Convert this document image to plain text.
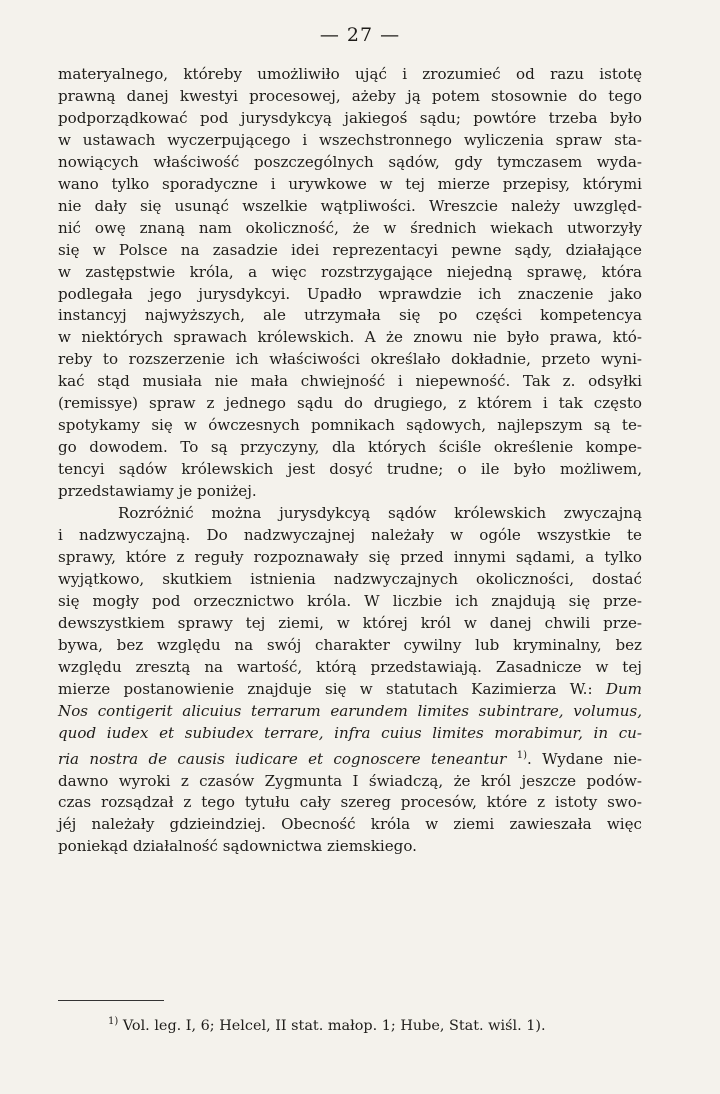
— 27 —
materyalnego, któreby umożliwiło ująć i zrozumieć od razu istotę
prawną danej kwestyi procesowej, ażeby ją potem stosownie do tego
podporządkować pod jurysdykcyą jakiegoś sądu; powtóre trzeba było
w ustawach wyczerpującego i wszechstronnego wyliczenia spraw sta-
nowiących właściwość poszczególnych sądów, gdy tymczasem wyda-
wano tylko sporadyczne i urywkowe w tej mierze przepisy, którymi
nie dały się usunąć wszelkie wątpliwości. Wreszcie należy uwzględ-
nić owę znaną nam okoliczność, że w średnich wiekach utworzyły
się w Polsce na zasadzie idei reprezentacyi pewne sądy, działające
w zastępstwie króla, a więc rozstrzygające niejedną sprawę, która
podlegała jego jurysdykcyi. Upadło wprawdzie ich znaczenie jako
instancyj najwyższych, ale utrzymała się po części kompetencya
w niektórych sprawach królewskich. A że znowu nie było prawa, któ-
reby to rozszerzenie ich właściwości określało dokładnie, przeto wyni-
kać stąd musiała nie mała chwiejność i niepewność. Tak z. odsyłki
(remissye) spraw z jednego sądu do drugiego, z którem i tak często
spotykamy się w ówczesnych pomnikach sądowych, najlepszym są te-
go dowodem. To są przyczyny, dla których ściśle określenie kompe-
tencyi sądów królewskich jest dosyć trudne; o ile było możliwem,
przedstawiamy je poniżej.
Rozróżnić można jurysdykcyą sądów królewskich zwyczajną
i nadzwyczajną. Do nadzwyczajnej należały w ogóle wszystkie te
sprawy, które z reguły rozpoznawały się przed innymi sądami, a tylko
wyjątkowo, skutkiem istnienia nadzwyczajnych okoliczności, dostać
się mogły pod orzecznictwo króla. W liczbie ich znajdują się prze-
dewszystkiem sprawy tej ziemi, w której król w danej chwili prze-
bywa, bez względu na swój charakter cywilny lub kryminalny, bez
względu zresztą na wartość, którą przedstawiają. Zasadnicze w tej
mierze postanowienie znajduje się w statutach Kazimierza W.: Dum
Nos contigerit alicuius terrarum earundem limites subintrare, volumus,
quod iudex et subiudex terrare, infra cuius limites morabimur, in cu-
ria nostra de causis iudicare et cognoscere teneantur $^{1)}$. Wydane nie-
dawno wyroki z czasów Zygmunta I świadczą, że król jeszcze podów-
czas rozsądzał z tego tytułu cały szereg procesów, które z istoty swo-
jéj należały gdzieindziej. Obecność króla w ziemi zawieszała więc
poniekąd działalność sądownictwa ziemskiego.
$^{1)}$ Vol. leg. I, 6; Helcel, II stat. małop. 1; Hube, Stat. wiśl. 1).
